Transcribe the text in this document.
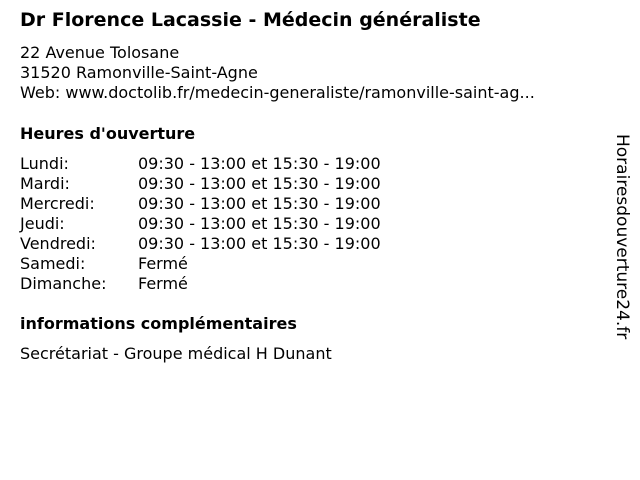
Dr Florence Lacassie - Médecin généraliste
22 Avenue Tolosane
31520 Ramonville-Saint-Agne
Web: www.doctolib.fr/medecin-generaliste/ramonville-saint-ag...
Heures d'ouverture
Lundi:	09:30 - 13:00 et 15:30 - 19:00
Mardi:	09:30 - 13:00 et 15:30 - 19:00
Mercredi:	09:30 - 13:00 et 15:30 - 19:00
Jeudi:	09:30 - 13:00 et 15:30 - 19:00
Vendredi:	09:30 - 13:00 et 15:30 - 19:00
Samedi:	Fermé
Dimanche:	Fermé
informations complémentaires
Secrétariat - Groupe médical H Dunant
Horairesdouverture24.fr
